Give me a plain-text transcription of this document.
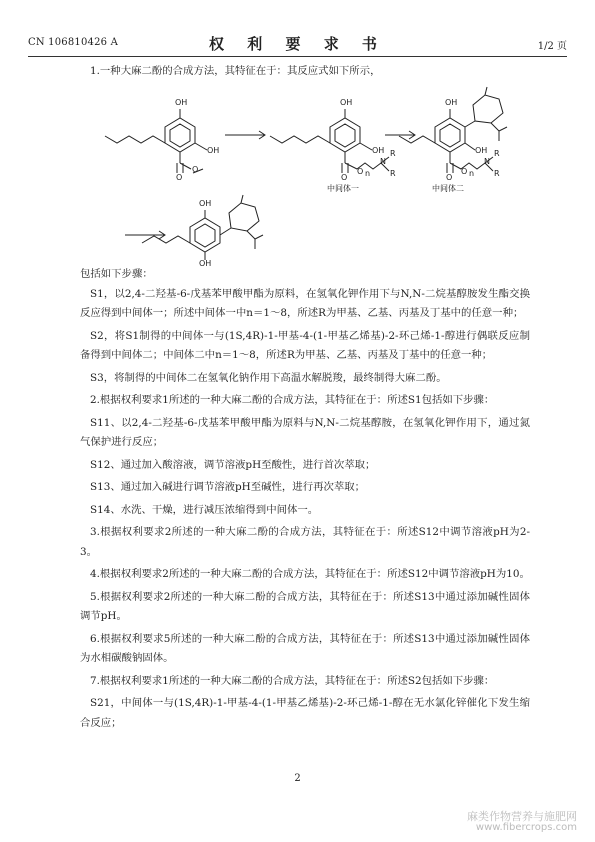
CN 106810426 A	权 利 要 求 书	1/2 页

1.一种大麻二酚的合成方法，其特征在于：其反应式如下所示，

OH
OH
O
O
OH
OH
O
O n
N
R
R
中间体一
OH
OH
O
O n
N
R
R
中间体二
OH
OH

包括如下步骤：

S1，以2,4-二羟基-6-戊基苯甲酸甲酯为原料，在氢氧化钾作用下与N,N-二烷基醇胺发生酯交换反应得到中间体一；所述中间体一中n＝1～8，所述R为甲基、乙基、丙基及丁基中的任意一种；

S2，将S1制得的中间体一与(1S,4R)-1-甲基-4-(1-甲基乙烯基)-2-环己烯-1-醇进行偶联反应制备得到中间体二；中间体二中n＝1～8，所述R为甲基、乙基、丙基及丁基中的任意一种；

S3，将制得的中间体二在氢氧化钠作用下高温水解脱羧，最终制得大麻二酚。

2.根据权利要求1所述的一种大麻二酚的合成方法，其特征在于：所述S1包括如下步骤：

S11、以2,4-二羟基-6-戊基苯甲酸甲酯为原料与N,N-二烷基醇胺，在氢氧化钾作用下，通过氮气保护进行反应；

S12、通过加入酸溶液，调节溶液pH至酸性，进行首次萃取；

S13、通过加入碱进行调节溶液pH至碱性，进行再次萃取；

S14、水洗、干燥，进行减压浓缩得到中间体一。

3.根据权利要求2所述的一种大麻二酚的合成方法，其特征在于：所述S12中调节溶液pH为2-3。

4.根据权利要求2所述的一种大麻二酚的合成方法，其特征在于：所述S12中调节溶液pH为10。

5.根据权利要求2所述的一种大麻二酚的合成方法，其特征在于：所述S13中通过添加碱性固体调节pH。

6.根据权利要求5所述的一种大麻二酚的合成方法，其特征在于：所述S13中通过添加碱性固体为水相碳酸钠固体。

7.根据权利要求1所述的一种大麻二酚的合成方法，其特征在于：所述S2包括如下步骤：

S21，中间体一与(1S,4R)-1-甲基-4-(1-甲基乙烯基)-2-环己烯-1-醇在无水氯化锌催化下发生缩合反应；

2
麻类作物营养与施肥网
www.fibercrops.com
